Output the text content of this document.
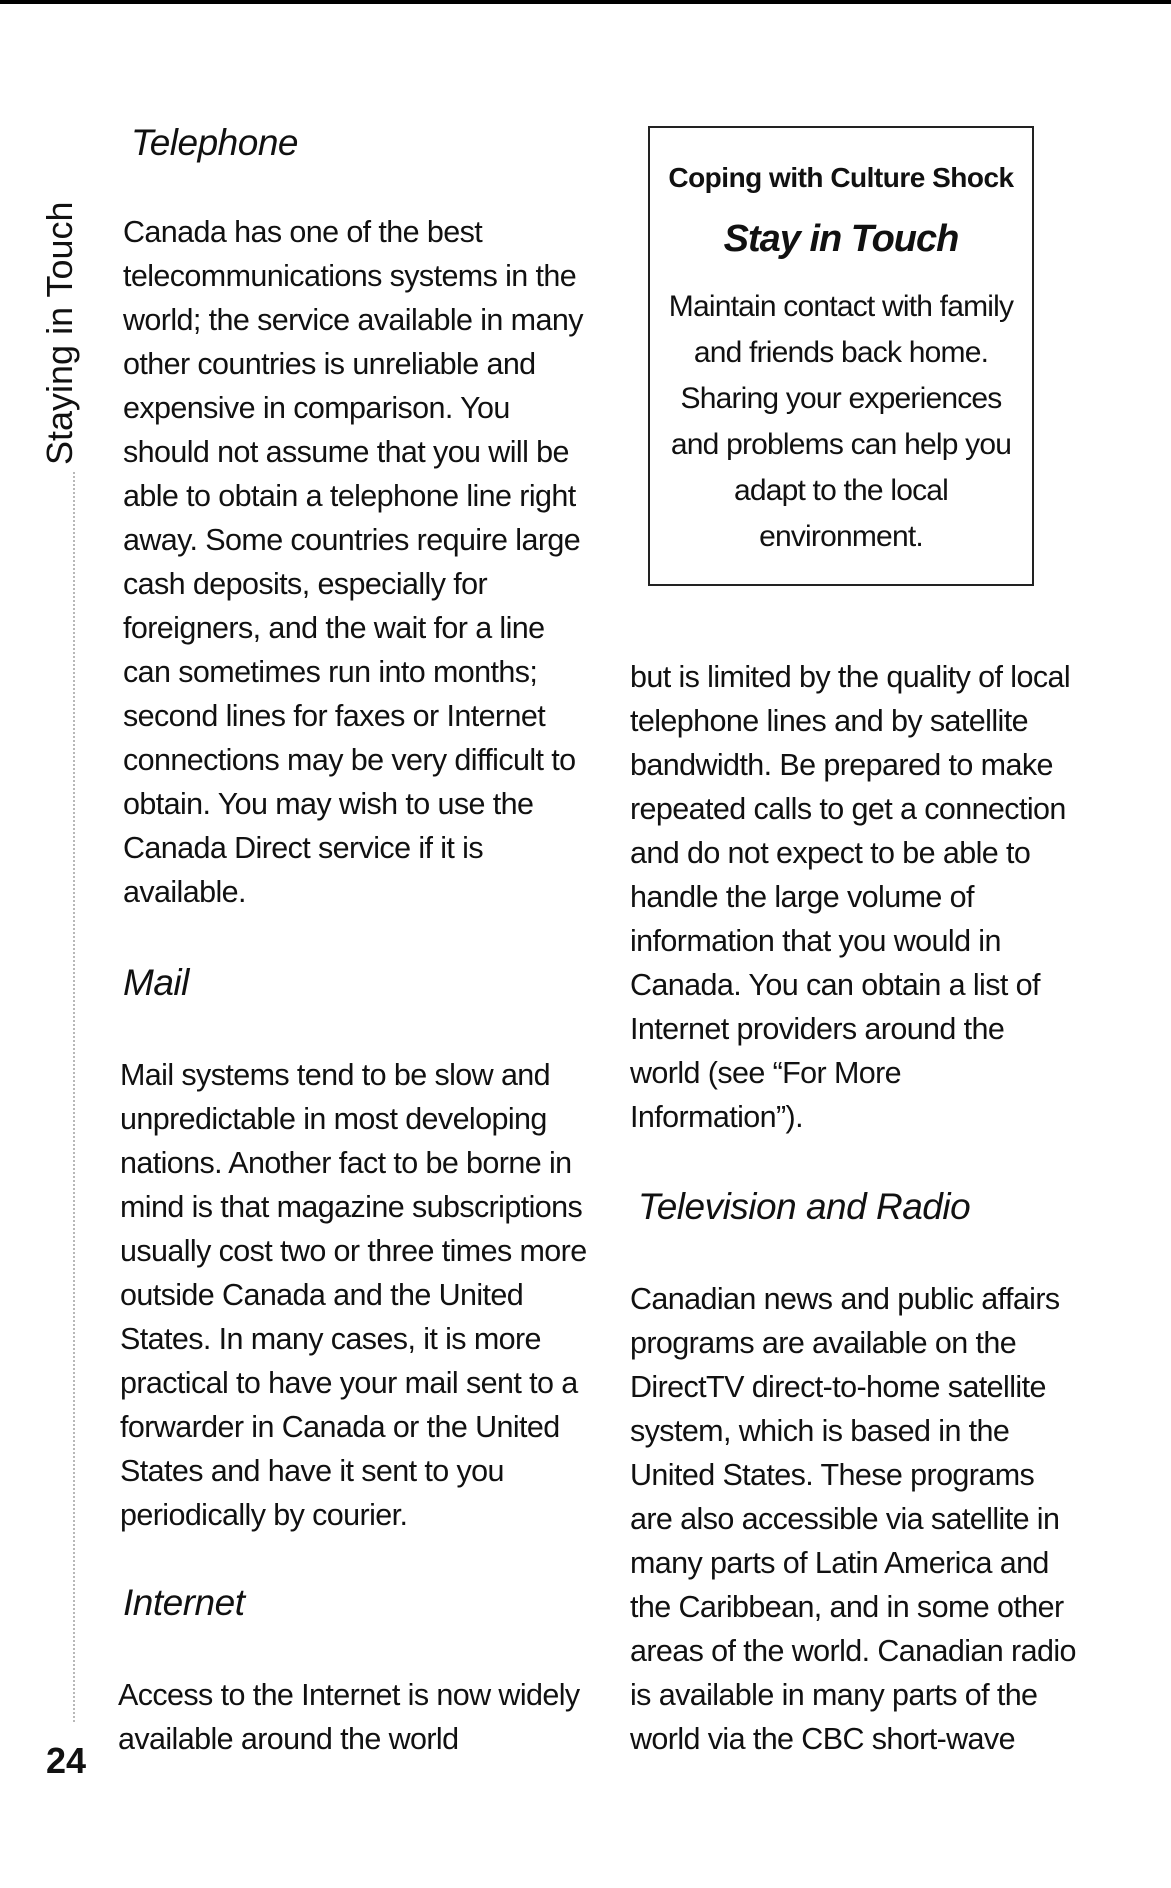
Staying in Touch
24
Telephone

Canada has one of the best telecommunications systems in the world; the service available in many other countries is unreliable and expensive in comparison. You should not assume that you will be able to obtain a telephone line right away. Some countries require large cash deposits, especially for foreigners, and the wait for a line can sometimes run into months; second lines for faxes or Internet connections may be very difficult to obtain. You may wish to use the Canada Direct service if it is available.

Mail

Mail systems tend to be slow and unpredictable in most developing nations. Another fact to be borne in mind is that magazine subscriptions usually cost two or three times more outside Canada and the United States. In many cases, it is more practical to have your mail sent to a forwarder in Canada or the United States and have it sent to you periodically by courier.

Internet

Access to the Internet is now widely available around the world

Coping with Culture Shock
Stay in Touch

Maintain contact with family and friends back home. Sharing your experiences and problems can help you adapt to the local environment.

but is limited by the quality of local telephone lines and by satellite bandwidth. Be prepared to make repeated calls to get a connection and do not expect to be able to handle the large volume of information that you would in Canada. You can obtain a list of Internet providers around the world (see “For More Information”).

Television and Radio

Canadian news and public affairs programs are available on the DirectTV direct-to-home satellite system, which is based in the United States. These programs are also accessible via satellite in many parts of Latin America and the Caribbean, and in some other areas of the world. Canadian radio is available in many parts of the world via the CBC short-wave
